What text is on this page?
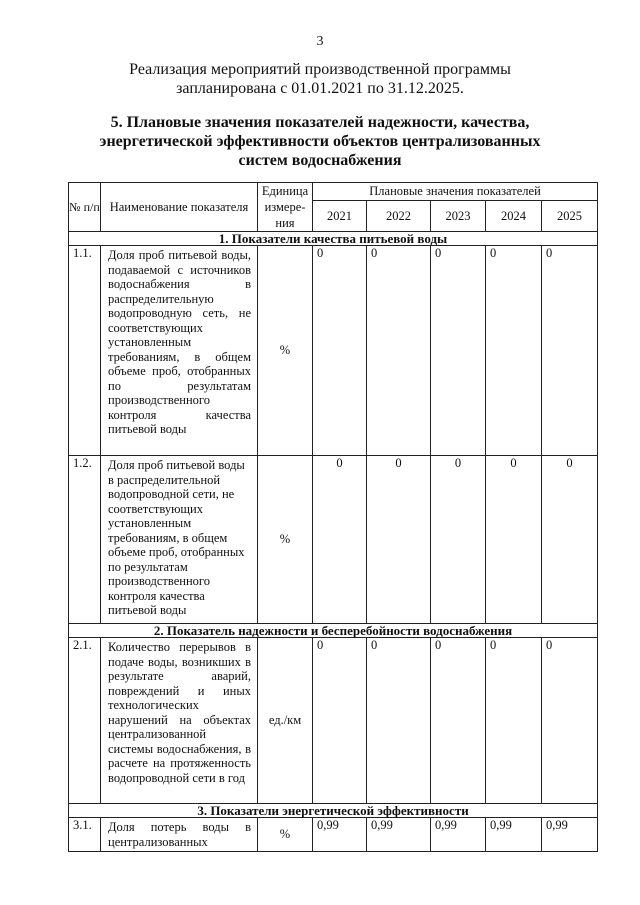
3
Реализация мероприятий производственной программы
запланирована с 01.01.2021 по 31.12.2025.
5. Плановые значения показателей надежности, качества,
энергетической эффективности объектов централизованных
систем водоснабжения
№ п/п	Наименование показателя	Единица измере-ния	Плановые значения показателей				
			2021	2022	2023	2024	2025
1. Показатели качества питьевой воды							
1.1.	Доля проб питьевой воды, подаваемой с источников водоснабжения в распределительную водопроводную сеть, не соответствующих установленным требованиям, в общем объеме проб, отобранных по результатам производственного контроля качества питьевой воды	%	0	0	0	0	0
1.2.	Доля проб питьевой воды в распределительной водопроводной сети, не соответствующих установленным требованиям, в общем объеме проб, отобранных по результатам производственного контроля качества питьевой воды	%	0	0	0	0	0
2. Показатель надежности и бесперебойности водоснабжения							
2.1.	Количество перерывов в подаче воды, возникших в результате аварий, повреждений и иных технологических нарушений на объектах централизованной системы водоснабжения, в расчете на протяженность водопроводной сети в год	ед./км	0	0	0	0	0
3. Показатели энергетической эффективности							
3.1.	Доля потерь воды в централизованных	%	0,99	0,99	0,99	0,99	0,99
